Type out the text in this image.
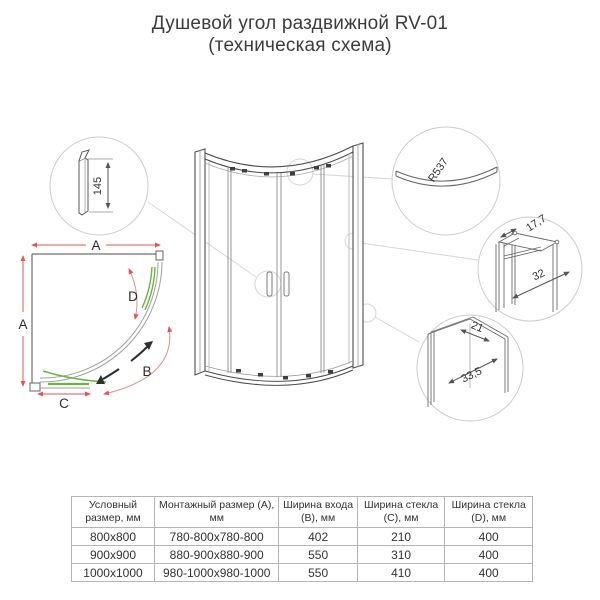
Душевой угол раздвижной RV-01
(техническая схема)
A
A
B
C
D
145
R537
17,7
32
21
33,5
Условный размер, мм	Монтажный размер (A), мм	Ширина входа (B), мм	Ширина стекла (C), мм	Ширина стекла (D), мм
800x800	780-800x780-800	402	210	400
900x900	880-900x880-900	550	310	400
1000x1000	980-1000x980-1000	550	410	400
